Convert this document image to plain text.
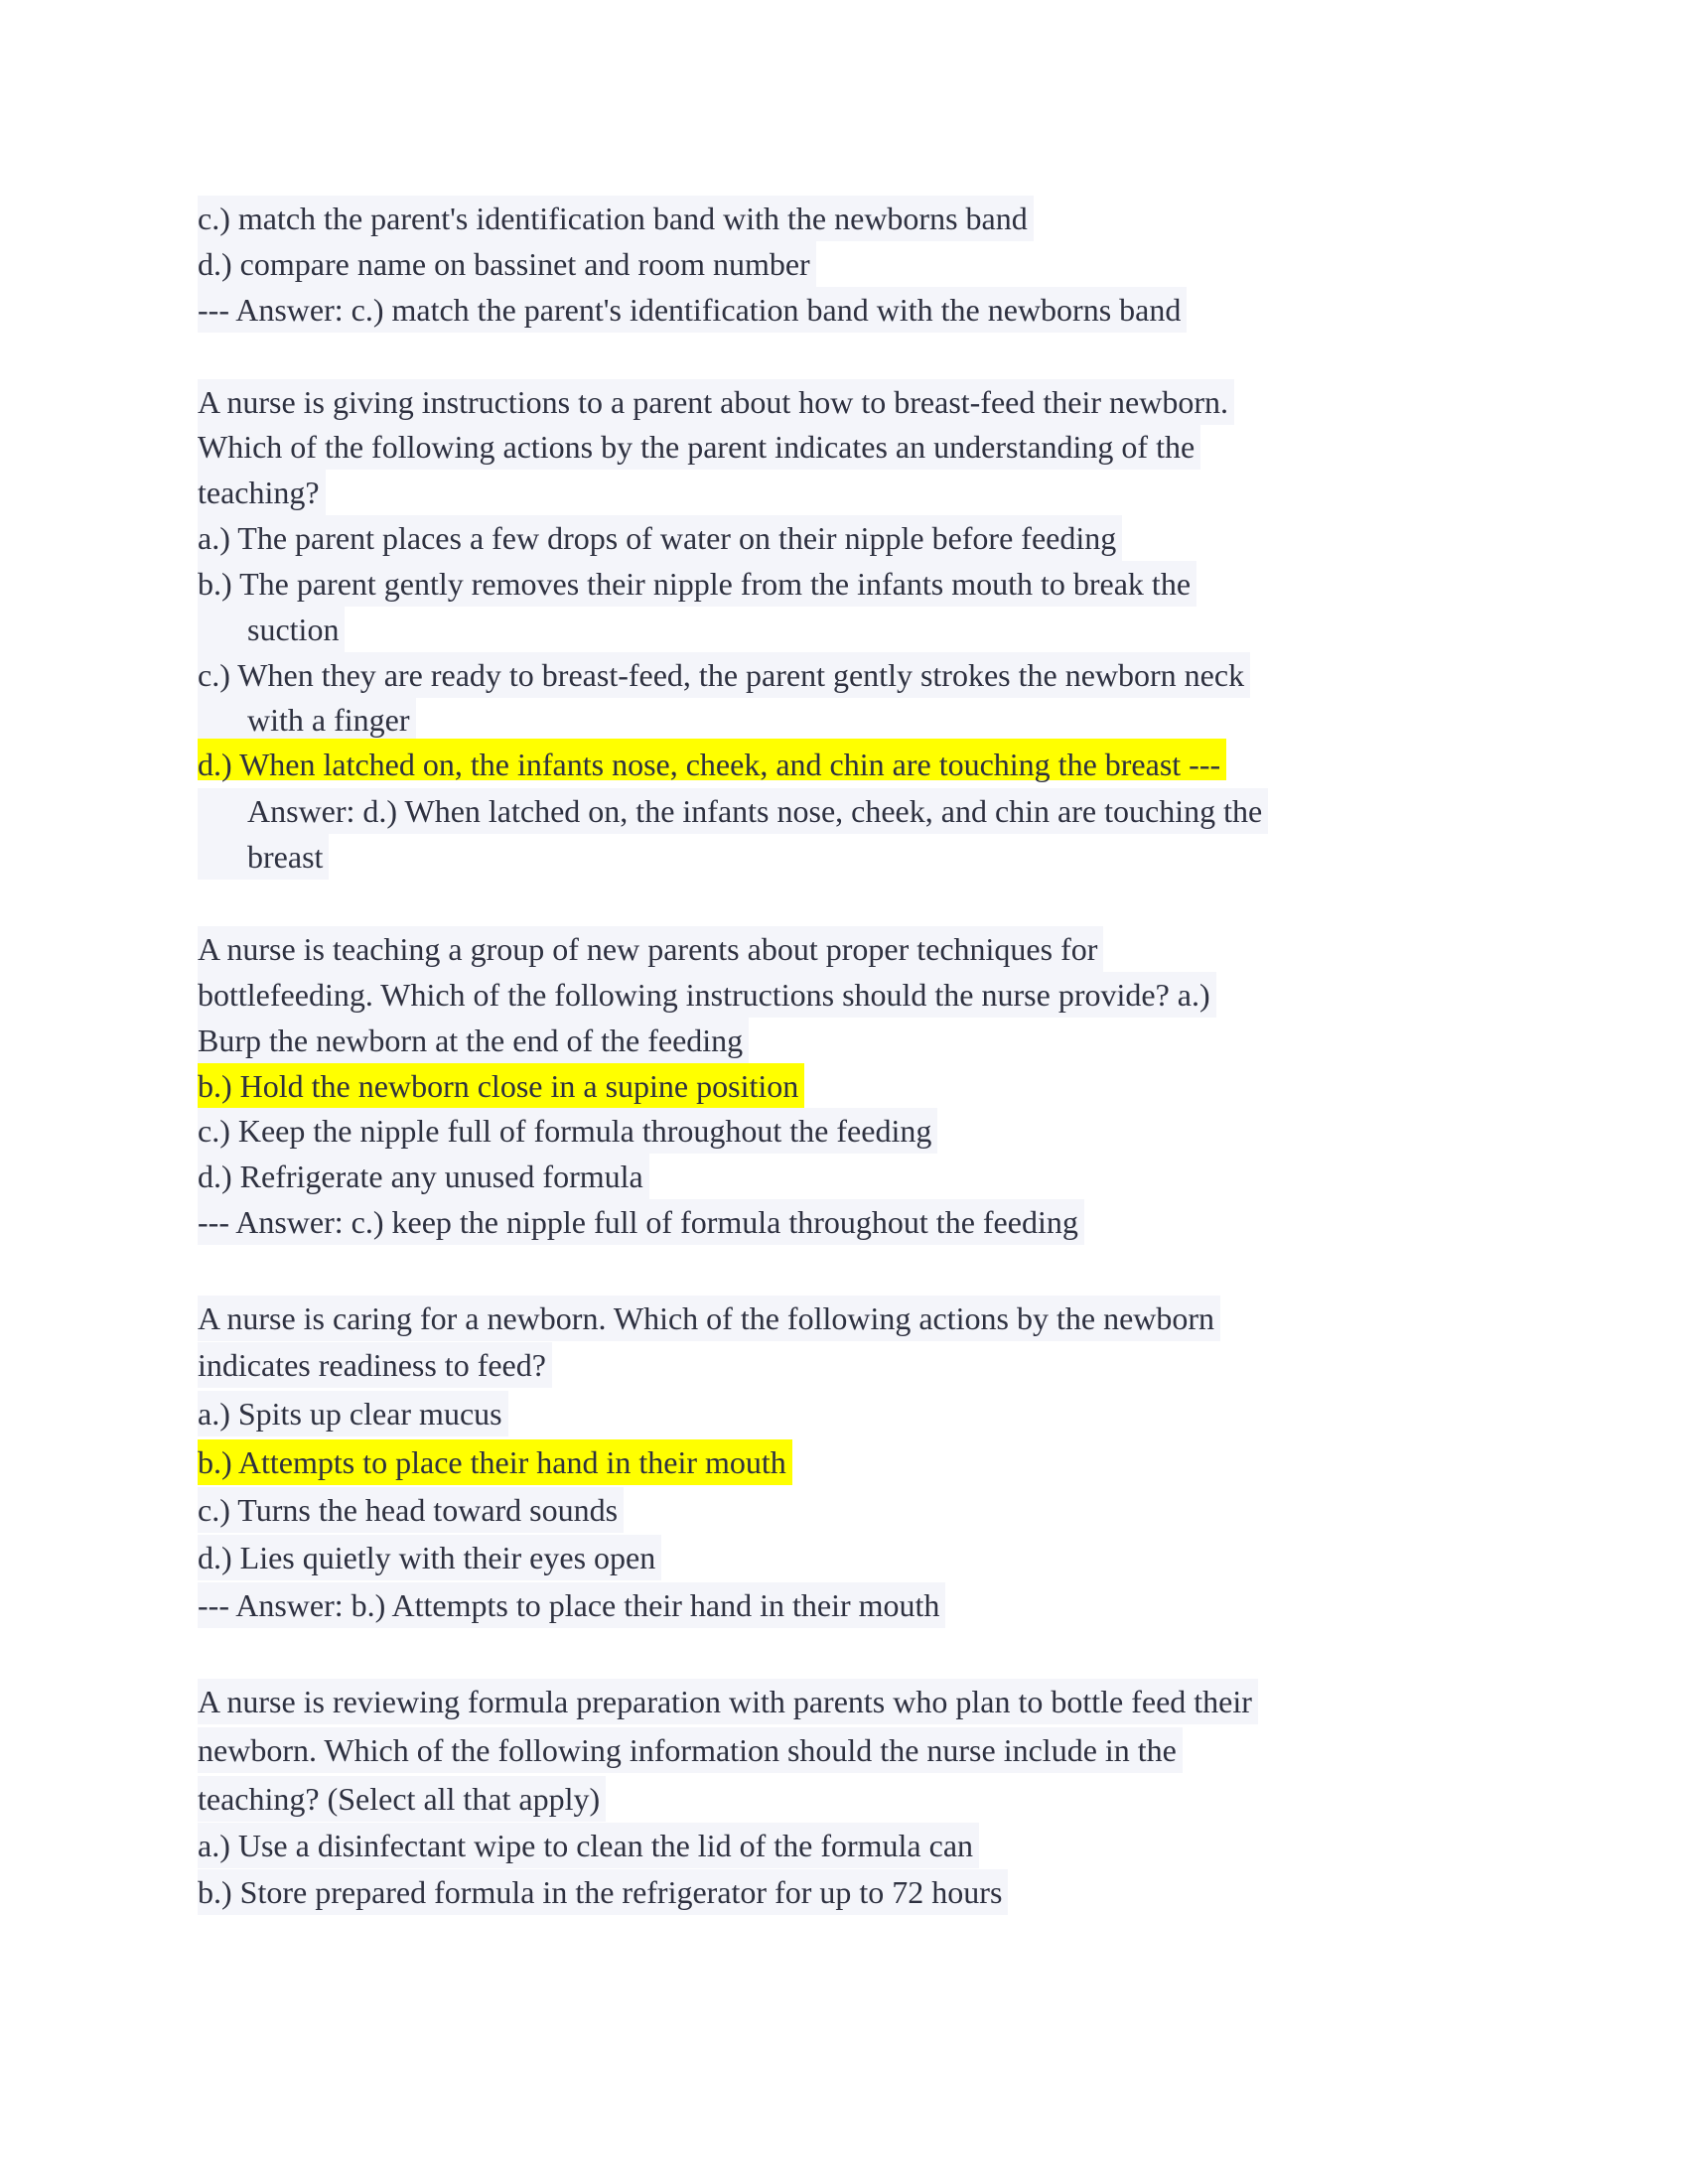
c.) match the parent's identification band with the newborns band
d.) compare name on bassinet and room number
--- Answer: c.) match the parent's identification band with the newborns band
A nurse is giving instructions to a parent about how to breast-feed their newborn.
Which of the following actions by the parent indicates an understanding of the
teaching?
a.) The parent places a few drops of water on their nipple before feeding
b.) The parent gently removes their nipple from the infants mouth to break the
suction
c.) When they are ready to breast-feed, the parent gently strokes the newborn neck
with a finger
d.) When latched on, the infants nose, cheek, and chin are touching the breast ---
Answer: d.) When latched on, the infants nose, cheek, and chin are touching the
breast
A nurse is teaching a group of new parents about proper techniques for
bottlefeeding. Which of the following instructions should the nurse provide? a.)
Burp the newborn at the end of the feeding
b.) Hold the newborn close in a supine position
c.) Keep the nipple full of formula throughout the feeding
d.) Refrigerate any unused formula
--- Answer: c.) keep the nipple full of formula throughout the feeding
A nurse is caring for a newborn. Which of the following actions by the newborn
indicates readiness to feed?
a.) Spits up clear mucus
b.) Attempts to place their hand in their mouth
c.) Turns the head toward sounds
d.) Lies quietly with their eyes open
--- Answer: b.) Attempts to place their hand in their mouth
A nurse is reviewing formula preparation with parents who plan to bottle feed their
newborn. Which of the following information should the nurse include in the
teaching? (Select all that apply)
a.) Use a disinfectant wipe to clean the lid of the formula can
b.) Store prepared formula in the refrigerator for up to 72 hours
